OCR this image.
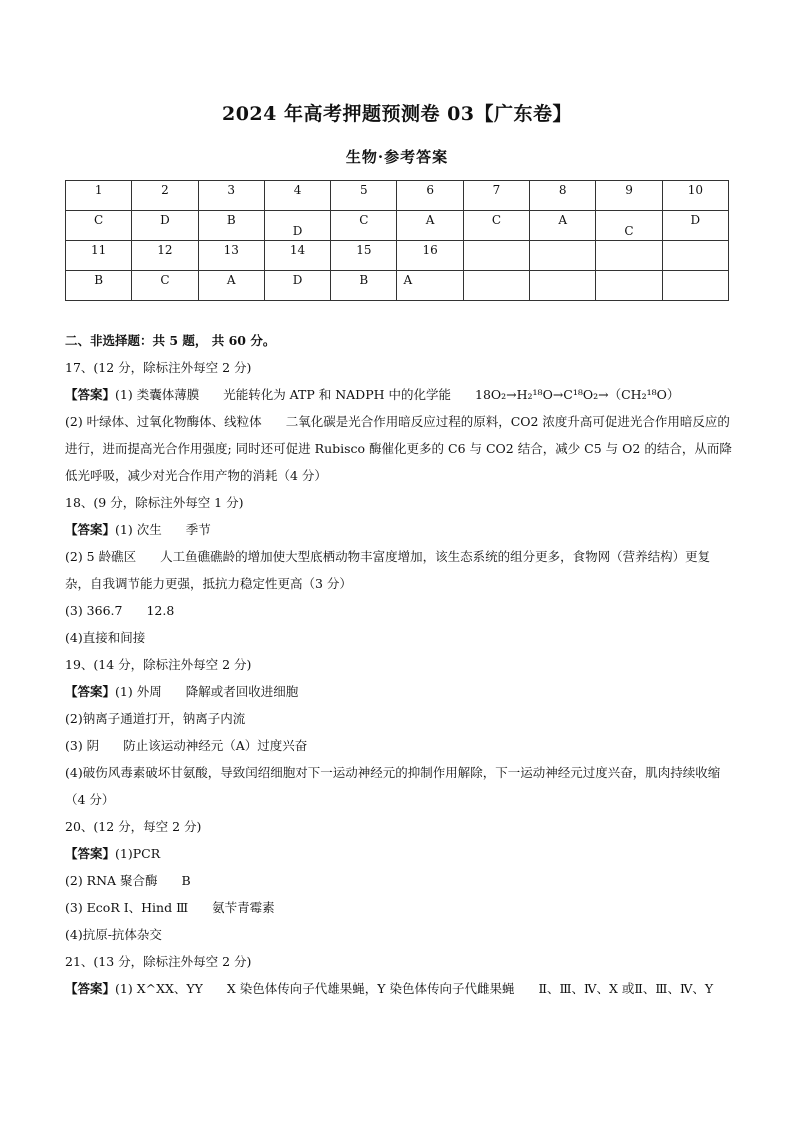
2024 年高考押题预测卷 03【广东卷】
生物·参考答案
1	2	3	4	5	6	7	8	9	10
C	D	B	D	C	A	C	A	C	D
11	12	13	14	15	16				
B	C	A	D	B	A				

二、非选择题：共 5 题， 共 60 分。

17、(12 分，除标注外每空 2 分)

【答案】(1) 类囊体薄膜 光能转化为 ATP 和 NADPH 中的化学能 18O₂→H₂¹⁸O→C¹⁸O₂→（CH₂¹⁸O）

(2) 叶绿体、过氧化物酶体、线粒体 二氧化碳是光合作用暗反应过程的原料，CO2 浓度升高可促进光合作用暗反应的进行，进而提高光合作用强度; 同时还可促进 Rubisco 酶催化更多的 C6 与 CO2 结合，减少 C5 与 O2 的结合，从而降低光呼吸，减少对光合作用产物的消耗（4 分）

18、(9 分，除标注外每空 1 分)

【答案】(1) 次生 季节

(2) 5 龄礁区 人工鱼礁礁龄的增加使大型底栖动物丰富度增加，该生态系统的组分更多，食物网（营养结构）更复杂，自我调节能力更强，抵抗力稳定性更高（3 分）

(3) 366.7 12.8

(4)直接和间接

19、(14 分，除标注外每空 2 分)

【答案】(1) 外周 降解或者回收进细胞

(2)钠离子通道打开，钠离子内流

(3) 阴 防止该运动神经元（A）过度兴奋

(4)破伤风毒素破坏甘氨酸，导致闰绍细胞对下一运动神经元的抑制作用解除，下一运动神经元过度兴奋，肌肉持续收缩（4 分）

20、(12 分，每空 2 分)

【答案】(1)PCR

(2) RNA 聚合酶 B

(3) EcoR Ⅰ、Hind Ⅲ 氨苄青霉素

(4)抗原-抗体杂交

21、(13 分，除标注外每空 2 分)

【答案】(1) X^XX、YY X 染色体传向子代雄果蝇，Y 染色体传向子代雌果蝇 Ⅱ、Ⅲ、Ⅳ、X 或Ⅱ、Ⅲ、Ⅳ、Y
